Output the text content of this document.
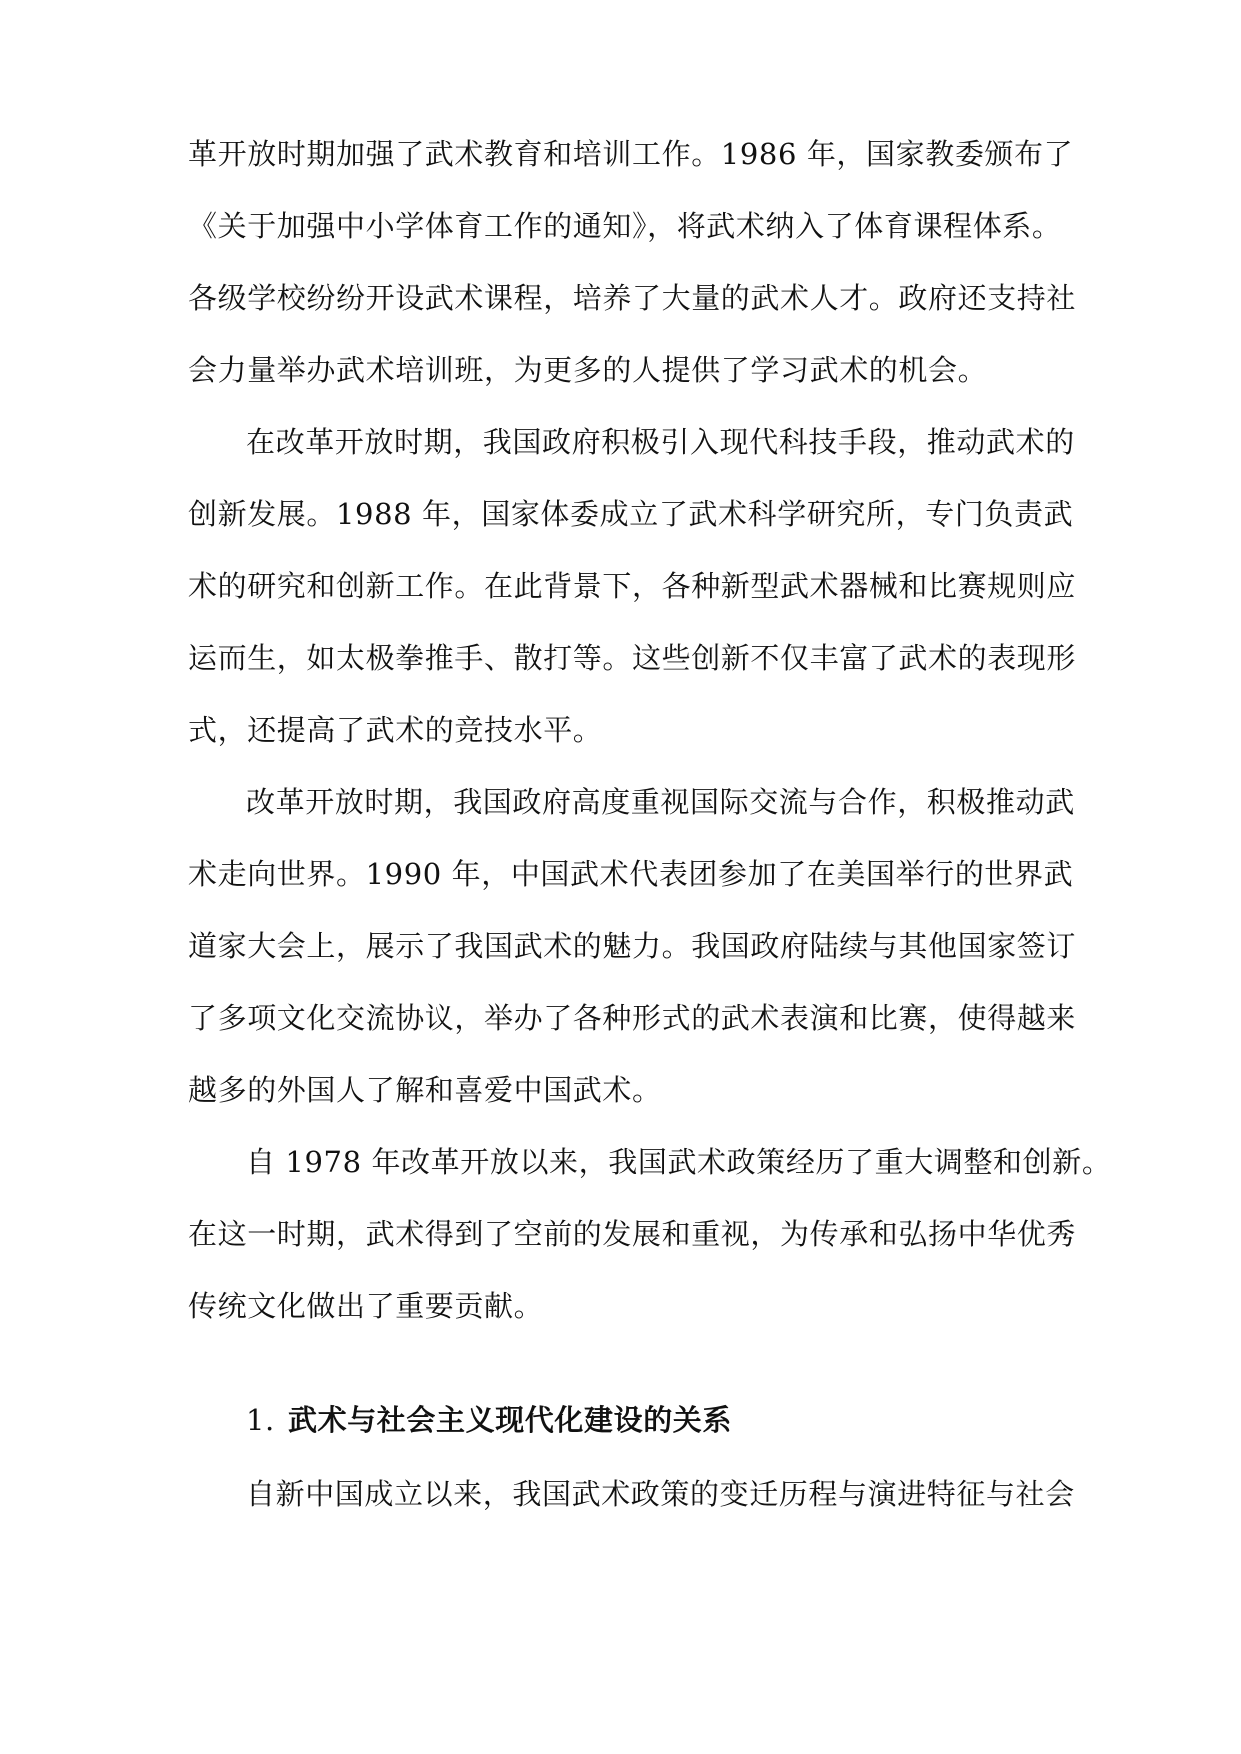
革开放时期加强了武术教育和培训工作。1986 年，国家教委颁布了
《关于加强中小学体育工作的通知》，将武术纳入了体育课程体系。
各级学校纷纷开设武术课程，培养了大量的武术人才。政府还支持社
会力量举办武术培训班，为更多的人提供了学习武术的机会。
在改革开放时期，我国政府积极引入现代科技手段，推动武术的
创新发展。1988 年，国家体委成立了武术科学研究所，专门负责武
术的研究和创新工作。在此背景下，各种新型武术器械和比赛规则应
运而生，如太极拳推手、散打等。这些创新不仅丰富了武术的表现形
式，还提高了武术的竞技水平。
改革开放时期，我国政府高度重视国际交流与合作，积极推动武
术走向世界。1990 年，中国武术代表团参加了在美国举行的世界武
道家大会上，展示了我国武术的魅力。我国政府陆续与其他国家签订
了多项文化交流协议，举办了各种形式的武术表演和比赛，使得越来
越多的外国人了解和喜爱中国武术。
自 1978 年改革开放以来，我国武术政策经历了重大调整和创新。
在这一时期，武术得到了空前的发展和重视，为传承和弘扬中华优秀
传统文化做出了重要贡献。
1. 武术与社会主义现代化建设的关系
自新中国成立以来，我国武术政策的变迁历程与演进特征与社会
